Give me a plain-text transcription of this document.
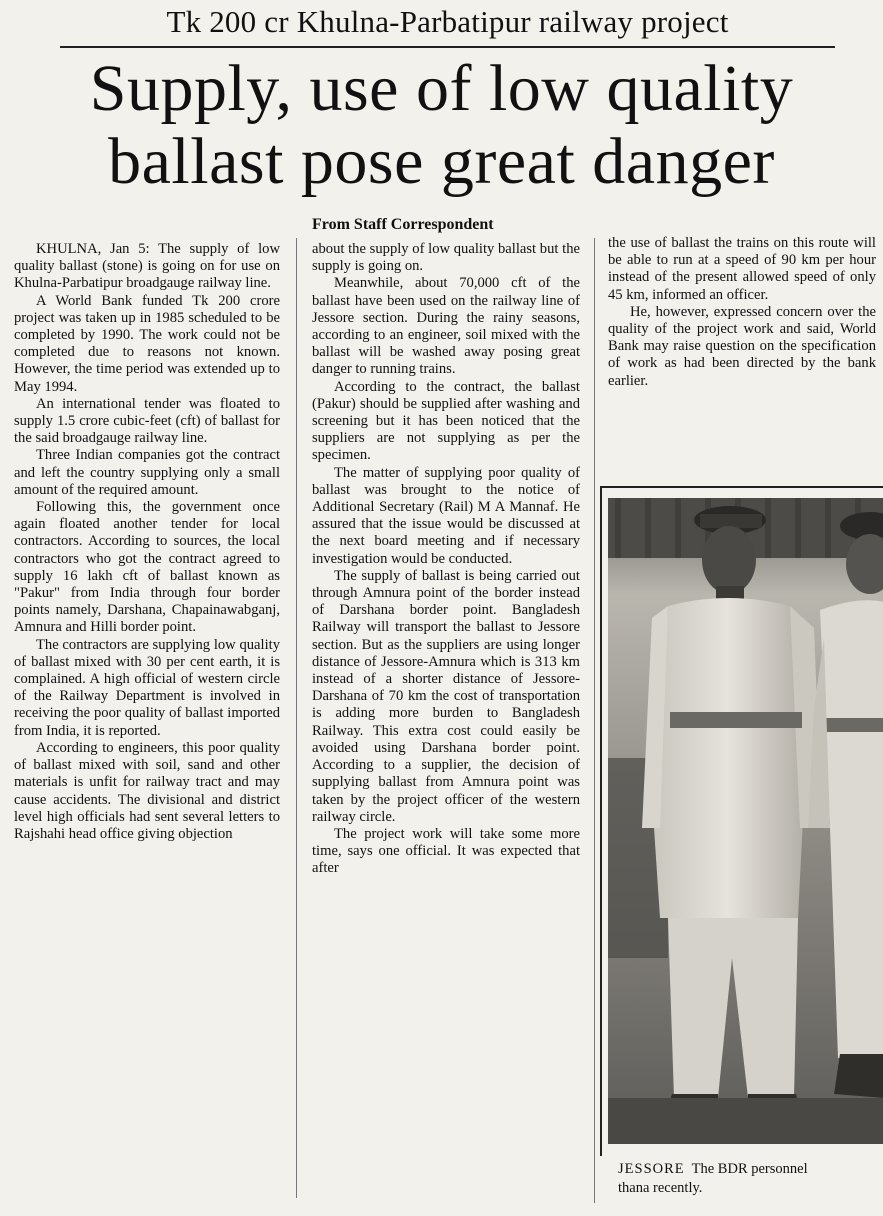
Tk 200 cr Khulna-Parbatipur railway project
Supply, use of low quality
ballast pose great danger
From Staff Correspondent

KHULNA, Jan 5: The supply of low quality ballast (stone) is going on for use on Khulna-Parbatipur broadgauge railway line.

A World Bank funded Tk 200 crore project was taken up in 1985 scheduled to be completed by 1990. The work could not be completed due to reasons not known. However, the time period was extended up to May 1994.

An international tender was floated to supply 1.5 crore cubic-feet (cft) of ballast for the said broadgauge railway line.

Three Indian companies got the contract and left the country supplying only a small amount of the required amount.

Following this, the government once again floated another tender for local contractors. According to sources, the local contractors who got the contract agreed to supply 16 lakh cft of ballast known as "Pakur" from India through four border points namely, Darshana, Chapainawabganj, Amnura and Hilli border point.

The contractors are supplying low quality of ballast mixed with 30 per cent earth, it is complained. A high official of western circle of the Railway Department is involved in receiving the poor quality of ballast imported from India, it is reported.

According to engineers, this poor quality of ballast mixed with soil, sand and other materials is unfit for railway tract and may cause accidents. The divisional and district level high officials had sent several letters to Rajshahi head office giving objection

about the supply of low quality ballast but the supply is going on.

Meanwhile, about 70,000 cft of the ballast have been used on the railway line of Jessore section. During the rainy seasons, according to an engineer, soil mixed with the ballast will be washed away posing great danger to running trains.

According to the contract, the ballast (Pakur) should be supplied after washing and screening but it has been noticed that the suppliers are not supplying as per the specimen.

The matter of supplying poor quality of ballast was brought to the notice of Additional Secretary (Rail) M A Mannaf. He assured that the issue would be discussed at the next board meeting and if necessary investigation would be conducted.

The supply of ballast is being carried out through Amnura point of the border instead of Darshana border point. Bangladesh Railway will transport the ballast to Jessore section. But as the suppliers are using longer distance of Jessore-Amnura which is 313 km instead of a shorter distance of Jessore-Darshana of 70 km the cost of transportation is adding more burden to Bangladesh Railway. This extra cost could easily be avoided using Darshana border point. According to a supplier, the decision of supplying ballast from Amnura point was taken by the project officer of the western railway circle.

The project work will take some more time, says one official. It was expected that after

the use of ballast the trains on this route will be able to run at a speed of 90 km per hour instead of the present allowed speed of only 45 km, informed an officer.

He, however, expressed concern over the quality of the project work and said, World Bank may raise question on the specification of work as had been directed by the bank earlier.

JESSORE The BDR personnel
thana recently.
